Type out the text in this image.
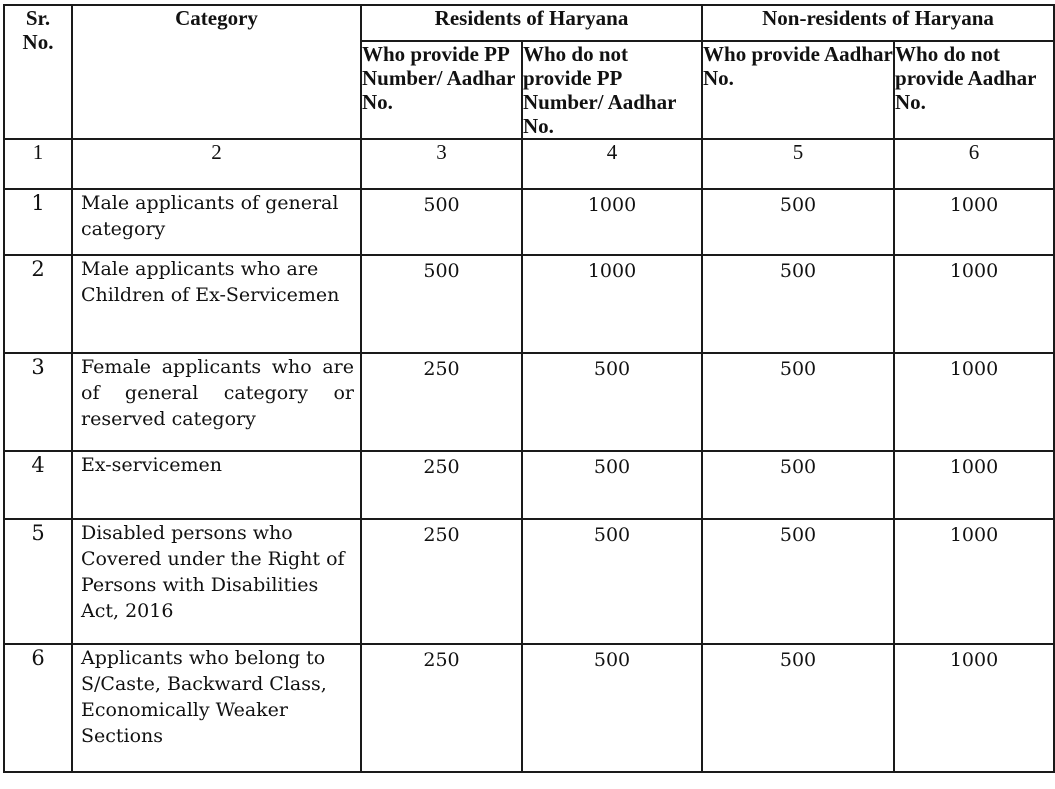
Sr. No.	Category	Residents of Haryana		Non-residents of Haryana	
		Who provide PP Number/ Aadhar No.	Who do not provide PP Number/ Aadhar No.	Who provide Aadhar No.	Who do not provide Aadhar No.
1	2	3	4	5	6
1	Male applicants of general category	500	1000	500	1000
2	Male applicants who are Children of Ex-Servicemen	500	1000	500	1000
3	Female applicants who are of general category or reserved category	250	500	500	1000
4	Ex-servicemen	250	500	500	1000
5	Disabled persons who Covered under the Right of Persons with Disabilities Act, 2016	250	500	500	1000
6	Applicants who belong to S/Caste, Backward Class, Economically Weaker Sections	250	500	500	1000
